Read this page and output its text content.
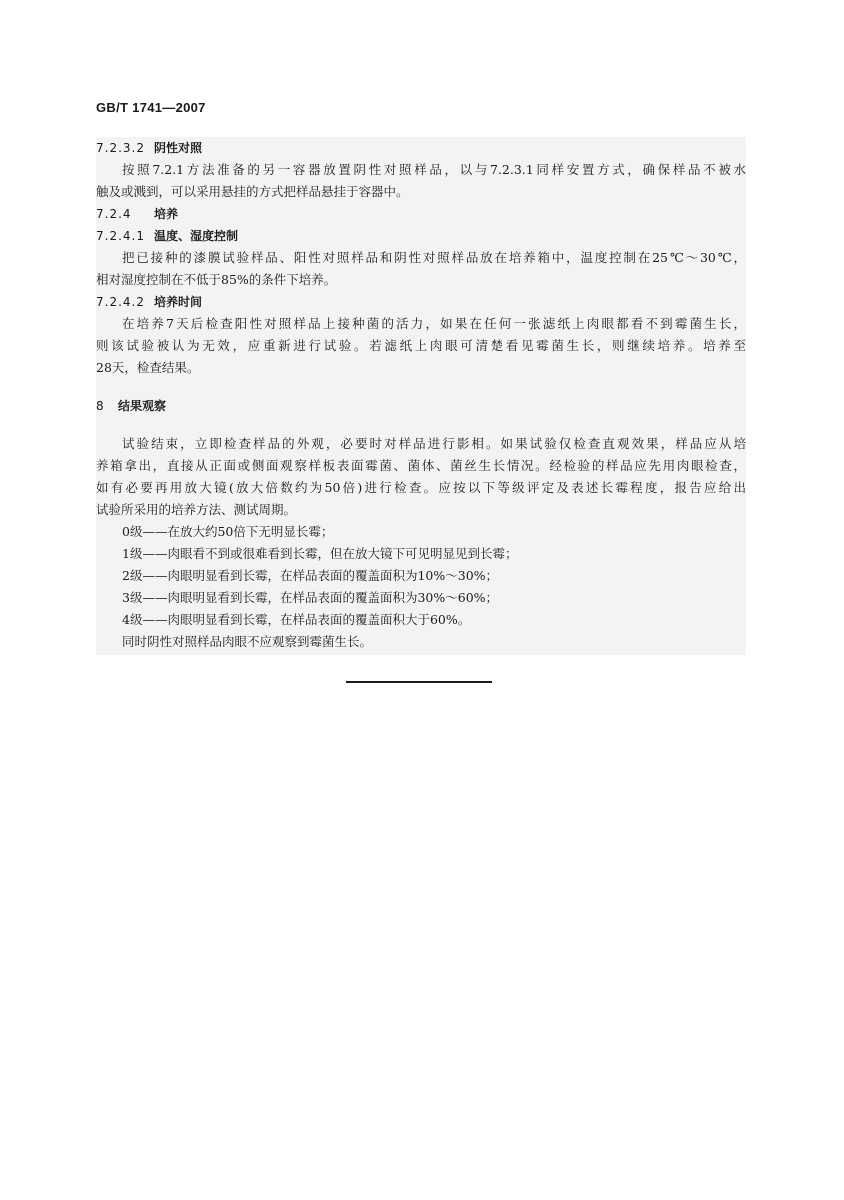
GB/T 1741—2007
7.2.3.2 阴性对照
按照7.2.1方法准备的另一容器放置阴性对照样品，以与7.2.3.1同样安置方式，确保样品不被水
触及或溅到，可以采用悬挂的方式把样品悬挂于容器中。
7.2.4 培养
7.2.4.1 温度、湿度控制
把已接种的漆膜试验样品、阳性对照样品和阴性对照样品放在培养箱中，温度控制在25℃～30℃，
相对湿度控制在不低于85%的条件下培养。
7.2.4.2 培养时间
在培养7天后检查阳性对照样品上接种菌的活力，如果在任何一张滤纸上肉眼都看不到霉菌生长，
则该试验被认为无效，应重新进行试验。若滤纸上肉眼可清楚看见霉菌生长，则继续培养。培养至
28天，检查结果。
8 结果观察
试验结束，立即检查样品的外观，必要时对样品进行影相。如果试验仅检查直观效果，样品应从培
养箱拿出，直接从正面或侧面观察样板表面霉菌、菌体、菌丝生长情况。经检验的样品应先用肉眼检查，
如有必要再用放大镜(放大倍数约为50倍)进行检查。应按以下等级评定及表述长霉程度，报告应给出
试验所采用的培养方法、测试周期。
0级——在放大约50倍下无明显长霉；
1级——肉眼看不到或很难看到长霉，但在放大镜下可见明显见到长霉；
2级——肉眼明显看到长霉，在样品表面的覆盖面积为10%～30%；
3级——肉眼明显看到长霉，在样品表面的覆盖面积为30%～60%；
4级——肉眼明显看到长霉，在样品表面的覆盖面积大于60%。
同时阴性对照样品肉眼不应观察到霉菌生长。
